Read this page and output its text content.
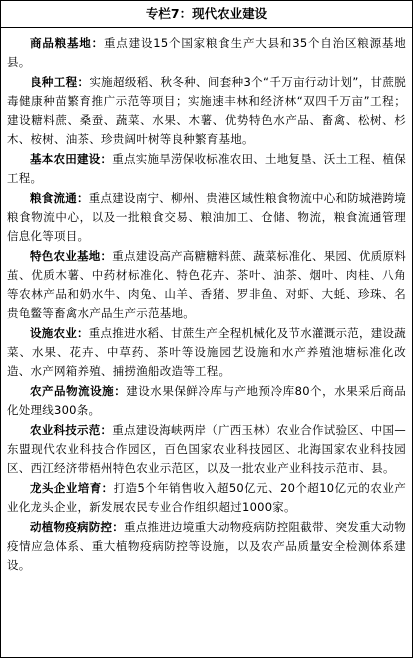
专栏7：现代农业建设

商品粮基地：重点建设15个国家粮食生产大县和35个自治区粮源基地县。

良种工程：实施超级稻、秋冬种、间套种3个“千万亩行动计划”，甘蔗脱毒健康种苗繁育推广示范等项目；实施速丰林和经济林“双四千万亩”工程；建设糖料蔗、桑蚕、蔬菜、水果、木薯、优势特色水产品、畜禽、松树、杉木、桉树、油茶、珍贵阔叶树等良种繁育基地。

基本农田建设：重点实施旱涝保收标准农田、土地复垦、沃土工程、植保工程。

粮食流通：重点建设南宁、柳州、贵港区域性粮食物流中心和防城港跨境粮食物流中心，以及一批粮食交易、粮油加工、仓储、物流，粮食流通管理信息化等项目。

特色农业基地：重点建设高产高糖糖料蔗、蔬菜标准化、果园、优质原料茧、优质木薯、中药材标准化、特色花卉、茶叶、油茶、烟叶、肉桂、八角等农林产品和奶水牛、肉兔、山羊、香猪、罗非鱼、对虾、大蚝、珍珠、名贵龟鳖等畜禽水产品生产示范基地。

设施农业：重点推进水稻、甘蔗生产全程机械化及节水灌溉示范，建设蔬菜、水果、花卉、中草药、茶叶等设施园艺设施和水产养殖池塘标准化改造、水产网箱养殖、捕捞渔船改造等工程。

农产品物流设施：建设水果保鲜冷库与产地预冷库80个，水果采后商品化处理线300条。

农业科技示范：重点建设海峡两岸（广西玉林）农业合作试验区、中国—东盟现代农业科技合作园区，百色国家农业科技园区、北海国家农业科技园区、西江经济带梧州特色农业示范区，以及一批农业产业科技示范市、县。

龙头企业培育：打造5个年销售收入超50亿元、20个超10亿元的农业产业化龙头企业，新发展农民专业合作组织超过1000家。

动植物疫病防控：重点推进边境重大动物疫病防控阻截带、突发重大动物疫情应急体系、重大植物疫病防控等设施，以及农产品质量安全检测体系建设。
